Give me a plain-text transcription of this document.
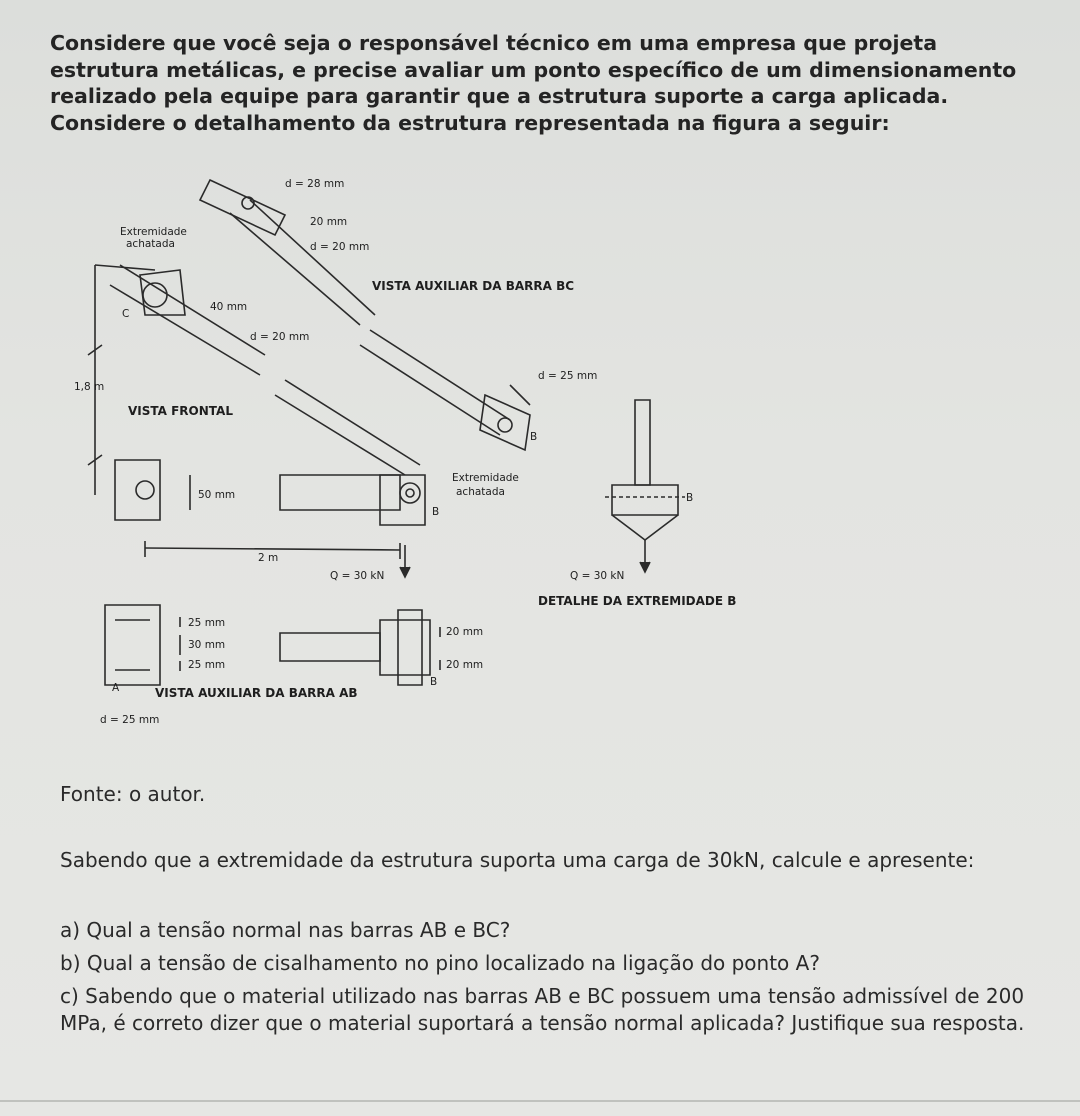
Considere que você seja o responsável técnico em uma empresa que projeta estrutura metálicas, e precise avaliar um ponto específico de um dimensionamento realizado pela equipe para garantir que a estrutura suporte a carga aplicada. Considere o detalhamento da estrutura representada na figura a seguir:

d = 28 mm
20 mm
d = 20 mm
Extremidade
achatada
VISTA AUXILIAR DA BARRA BC
C
40 mm
d = 20 mm
d = 25 mm
1,8 m
VISTA FRONTAL
B
50 mm
Extremidade
achatada
B
B
2 m
Q = 30 kN	Q = 30 kN
DETALHE DA EXTREMIDADE B
25 mm
30 mm
25 mm
20 mm
20 mm
B
A	VISTA AUXILIAR DA BARRA AB
d = 25 mm

Fonte: o autor.

Sabendo que a extremidade da estrutura suporta uma carga de 30kN, calcule e apresente:

a) Qual a tensão normal nas barras AB e BC?

b) Qual a tensão de cisalhamento no pino localizado na ligação do ponto A?

c) Sabendo que o material utilizado nas barras AB e BC possuem uma tensão admissível de 200 MPa, é correto dizer que o material suportará a tensão normal aplicada? Justifique sua resposta.
